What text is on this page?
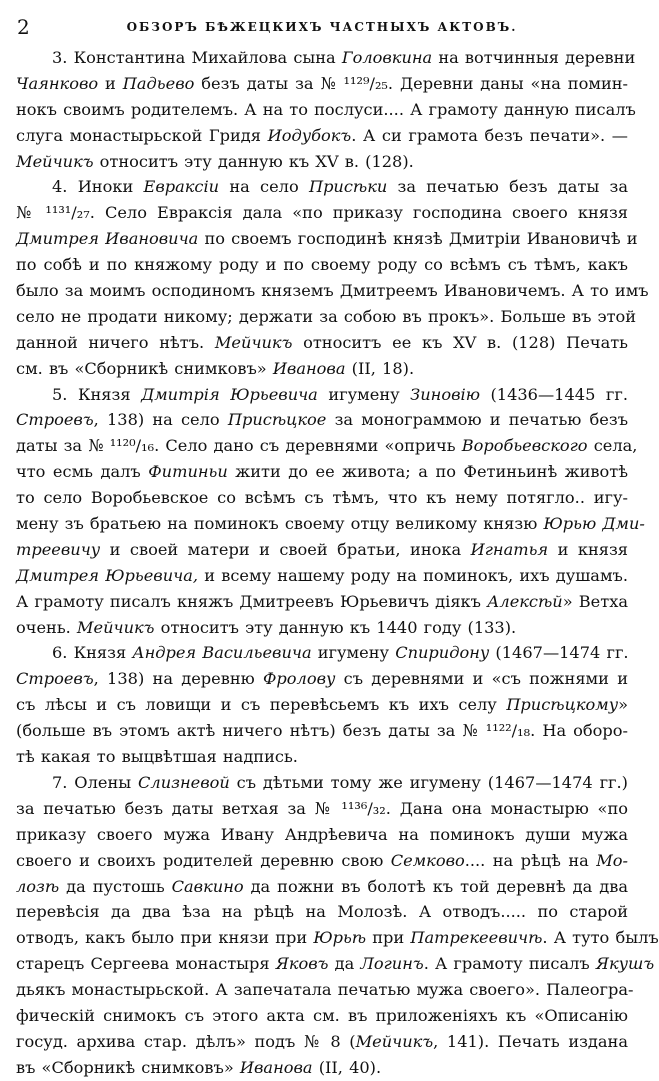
2	ОБЗОРЪ БѢЖЕЦКИХЪ ЧАСТНЫХЪ АКТОВЪ.
3. Константина Михайлова сына Головкина на вотчинныя деревни
Чаянково и Падьево безъ даты за № ¹¹²⁹/₂₅. Деревни даны «на помин-
нокъ своимъ родителемъ. А на то послуси.... А грамоту данную писалъ
слуга монастырьской Гридя Иодубокъ. А си грамота безъ печати». —
Мейчикъ относитъ эту данную къ XV в. (128).
4. Иноки Евраксіи на село Присѣки за печатью безъ даты за
№ ¹¹³¹/₂₇. Село Евраксія дала «по приказу господина своего князя
Дмитрея Ивановича по своемъ господинѣ князѣ Дмитріи Ивановичѣ и
по собѣ и по княжому роду и по своему роду со всѣмъ съ тѣмъ, какъ
было за моимъ осподиномъ княземъ Дмитреемъ Ивановичемъ. А то имъ
село не продати никому; держати за собою въ прокъ». Больше въ этой
данной ничего нѣтъ. Мейчикъ относитъ ее къ XV в. (128) Печать
см. въ «Сборникѣ снимковъ» Иванова (II, 18).
5. Князя Дмитрія Юрьевича игумену Зиновію (1436—1445 гг.
Строевъ, 138) на село Присѣцкое за монограммою и печатью безъ
даты за № ¹¹²⁰/₁₆. Село дано съ деревнями «опричь Воробьевского села,
что есмь далъ Фитиньи жити до ее живота; а по Фетиньинѣ животѣ
то село Воробьевское со всѣмъ съ тѣмъ, что къ нему потягло.. игу-
мену зъ братьею на поминокъ своему отцу великому князю Юрью Дми-
треевичу и своей матери и своей братьи, инока Игнатья и князя
Дмитрея Юрьевича, и всему нашему роду на поминокъ, ихъ душамъ.
А грамоту писалъ княжъ Дмитреевъ Юрьевичъ діякъ Алексѣй» Ветха
очень. Мейчикъ относитъ эту данную къ 1440 году (133).
6. Князя Андрея Васильевича игумену Спиридону (1467—1474 гг.
Строевъ, 138) на деревню Фролову съ деревнями и «съ пожнями и
съ лѣсы и съ ловищи и съ перевѣсьемъ къ ихъ селу Присѣцкому»
(больше въ этомъ актѣ ничего нѣтъ) безъ даты за № ¹¹²²/₁₈. На оборо-
тѣ какая то выцвѣтшая надпись.
7. Олены Слизневой съ дѣтьми тому же игумену (1467—1474 гг.)
за печатью безъ даты ветхая за № ¹¹³⁶/₃₂. Дана она монастырю «по
приказу своего мужа Ивану Андрѣевича на поминокъ души мужа
своего и своихъ родителей деревню свою Семково.... на рѣцѣ на Мо-
лозѣ да пустошь Савкино да пожни въ болотѣ къ той деревнѣ да два
перевѣсія да два ѣза на рѣцѣ на Молозѣ. А отводъ..... по старой
отводъ, какъ было при князи при Юрьѣ при Патрекеевичѣ. А туто былъ
старецъ Сергеева монастыря Яковъ да Логинъ. А грамоту писалъ Якушъ
дьякъ монастырьской. А запечатала печатью мужа своего». Палеогра-
фическій снимокъ съ этого акта см. въ приложеніяхъ къ «Описанію
госуд. архива стар. дѣлъ» подъ № 8 (Мейчикъ, 141). Печать издана
въ «Сборникѣ снимковъ» Иванова (II, 40).
